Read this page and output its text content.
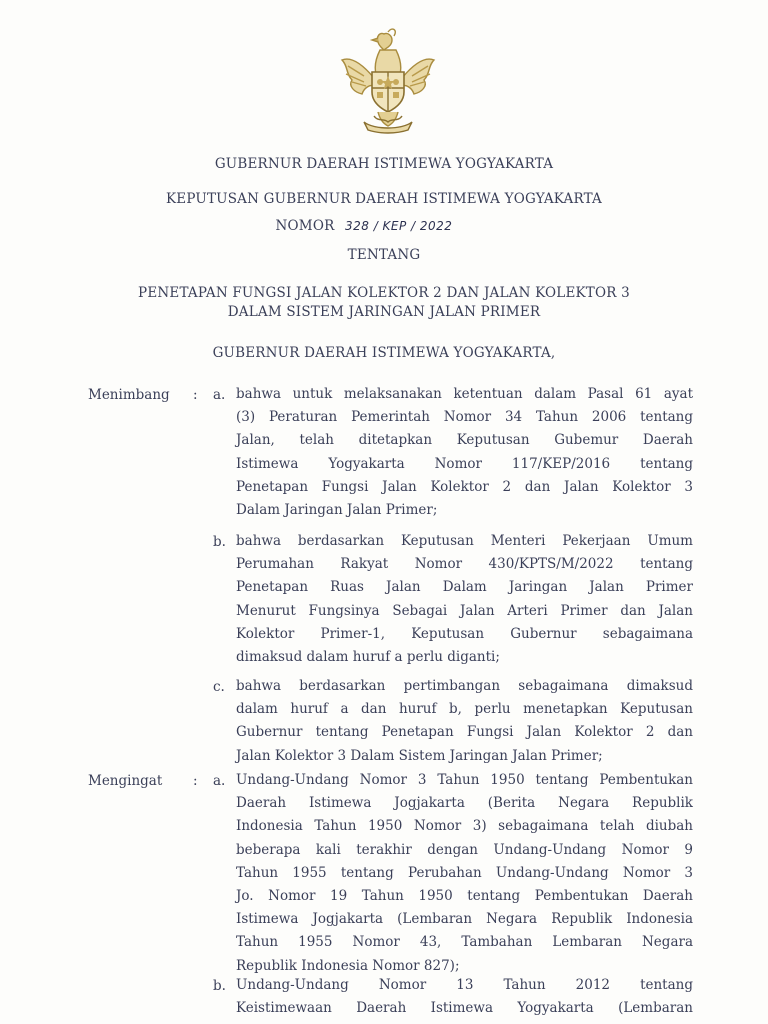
GUBERNUR DAERAH ISTIMEWA YOGYAKARTA
KEPUTUSAN GUBERNUR DAERAH ISTIMEWA YOGYAKARTA
NOMOR 328 / KEP / 2022
TENTANG
PENETAPAN FUNGSI JALAN KOLEKTOR 2 DAN JALAN KOLEKTOR 3
DALAM SISTEM JARINGAN JALAN PRIMER
GUBERNUR DAERAH ISTIMEWA YOGYAKARTA,
Menimbang : a. bahwa untuk melaksanakan ketentuan dalam Pasal 61 ayat
(3) Peraturan Pemerintah Nomor 34 Tahun 2006 tentang
Jalan, telah ditetapkan Keputusan Gubemur Daerah
Istimewa Yogyakarta Nomor 117/KEP/2016 tentang
Penetapan Fungsi Jalan Kolektor 2 dan Jalan Kolektor 3
Dalam Jaringan Jalan Primer;
b. bahwa berdasarkan Keputusan Menteri Pekerjaan Umum
Perumahan Rakyat Nomor 430/KPTS/M/2022 tentang
Penetapan Ruas Jalan Dalam Jaringan Jalan Primer
Menurut Fungsinya Sebagai Jalan Arteri Primer dan Jalan
Kolektor Primer-1, Keputusan Gubernur sebagaimana
dimaksud dalam huruf a perlu diganti;
c. bahwa berdasarkan pertimbangan sebagaimana dimaksud
dalam huruf a dan huruf b, perlu menetapkan Keputusan
Gubernur tentang Penetapan Fungsi Jalan Kolektor 2 dan
Jalan Kolektor 3 Dalam Sistem Jaringan Jalan Primer;
Mengingat : a. Undang-Undang Nomor 3 Tahun 1950 tentang Pembentukan
Daerah Istimewa Jogjakarta (Berita Negara Republik
Indonesia Tahun 1950 Nomor 3) sebagaimana telah diubah
beberapa kali terakhir dengan Undang-Undang Nomor 9
Tahun 1955 tentang Perubahan Undang-Undang Nomor 3
Jo. Nomor 19 Tahun 1950 tentang Pembentukan Daerah
Istimewa Jogjakarta (Lembaran Negara Republik Indonesia
Tahun 1955 Nomor 43, Tambahan Lembaran Negara
Republik Indonesia Nomor 827);
b. Undang-Undang Nomor 13 Tahun 2012 tentang
Keistimewaan Daerah Istimewa Yogyakarta (Lembaran
